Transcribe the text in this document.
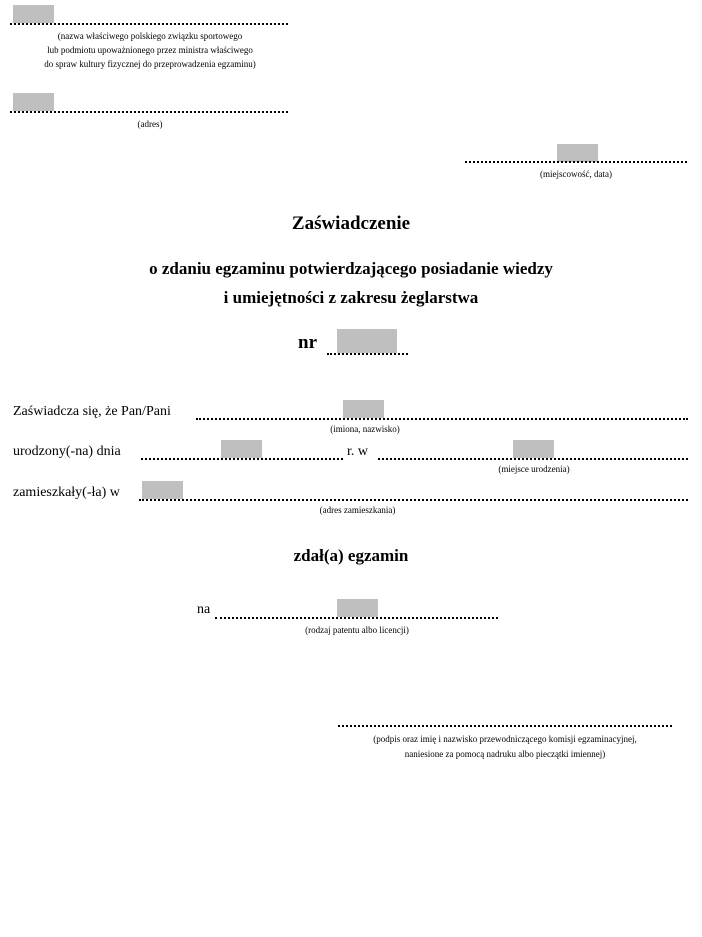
(nazwa właściwego polskiego związku sportowego
lub podmiotu upoważnionego przez ministra właściwego
do spraw kultury fizycznej do przeprowadzenia egzaminu)
(adres)
(miejscowość, data)
Zaświadczenie
o zdaniu egzaminu potwierdzającego posiadanie wiedzy
i umiejętności z zakresu żeglarstwa
nr
Zaświadcza się, że Pan/Pani
(imiona, nazwisko)
urodzony(-na) dnia	r. w
(miejsce urodzenia)
zamieszkały(-ła) w
(adres zamieszkania)
zdał(a) egzamin
na
(rodzaj patentu albo licencji)
(podpis oraz imię i nazwisko przewodniczącego komisji egzaminacyjnej,
naniesione za pomocą nadruku albo pieczątki imiennej)
